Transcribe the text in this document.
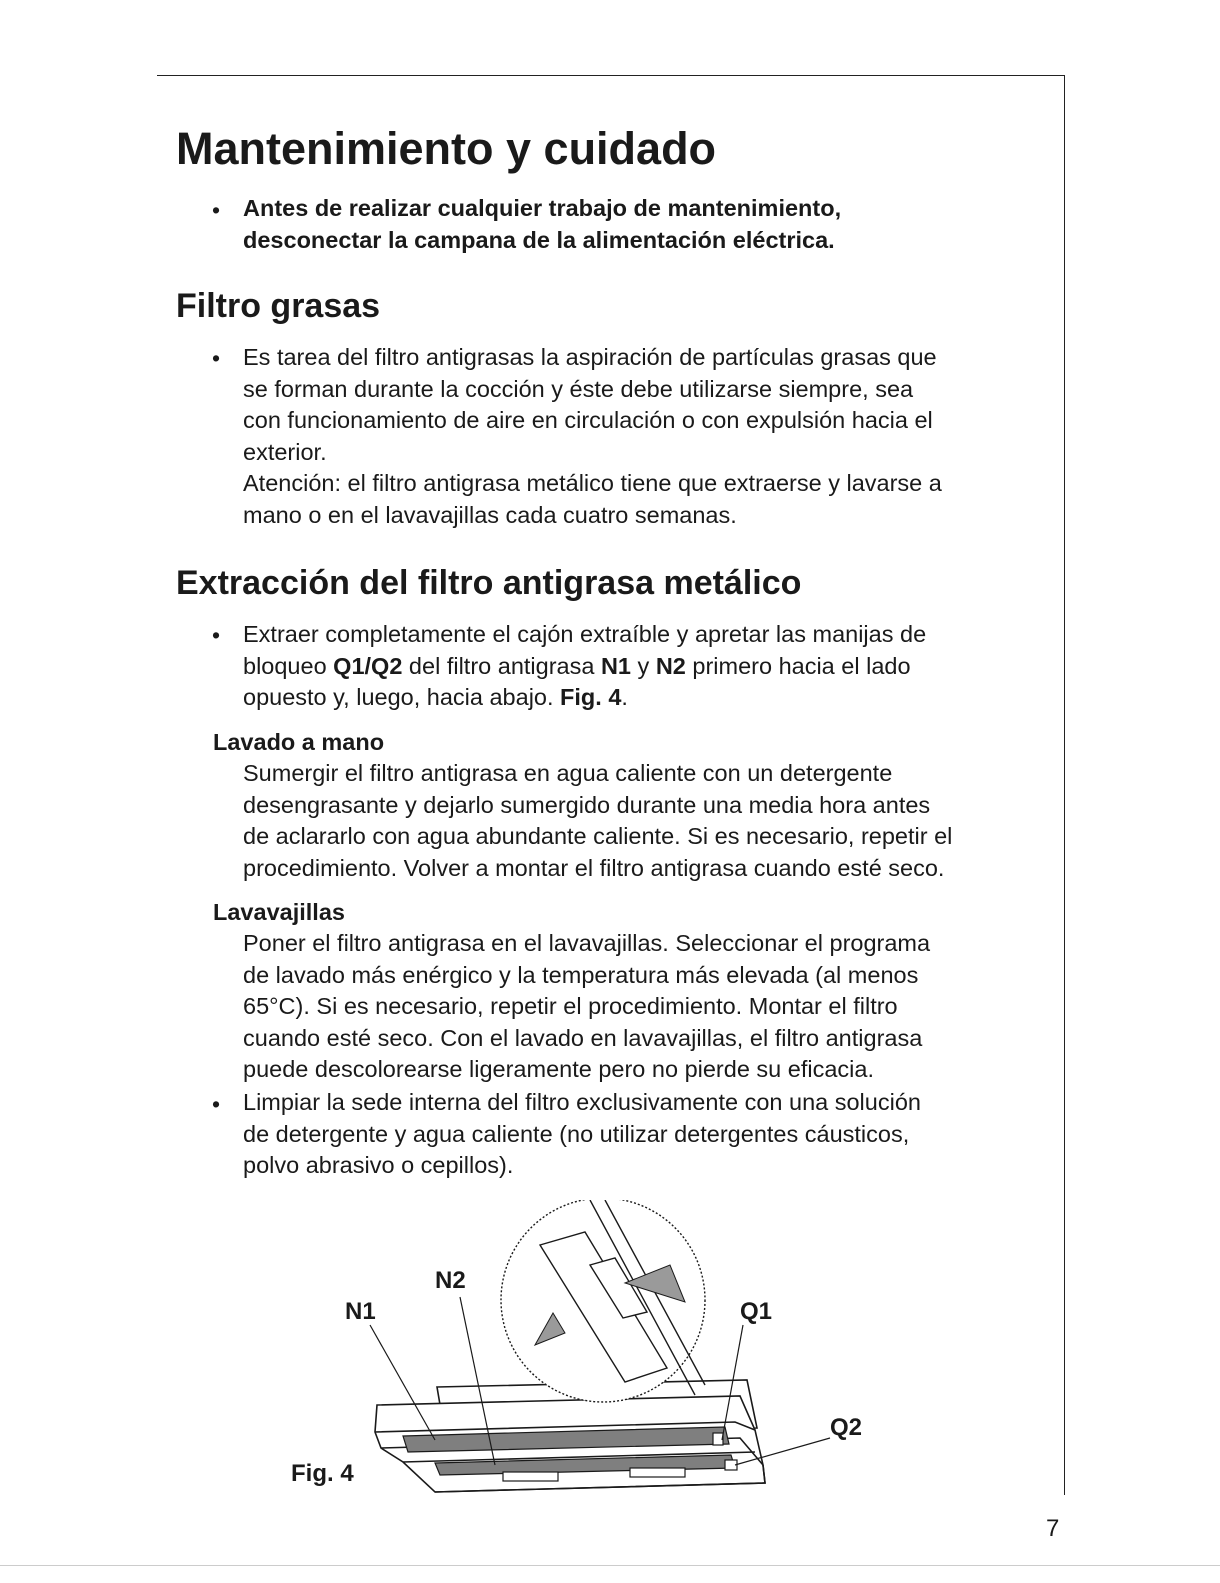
Mantenimiento y cuidado
• Antes de realizar cualquier trabajo de mantenimiento,
desconectar la campana de la alimentación eléctrica.
Filtro grasas
• Es tarea del filtro antigrasas la aspiración de partículas grasas que
se forman durante la cocción y éste debe utilizarse siempre, sea
con funcionamiento de aire en circulación o con expulsión hacia el
exterior.
Atención: el filtro antigrasa metálico tiene que extraerse y lavarse a
mano o en el lavavajillas cada cuatro semanas.
Extracción del filtro antigrasa metálico
• Extraer completamente el cajón extraíble y apretar las manijas de
bloqueo Q1/Q2 del filtro antigrasa N1 y N2 primero hacia el lado
opuesto y, luego, hacia abajo. Fig. 4.
Lavado a mano
Sumergir el filtro antigrasa en agua caliente con un detergente
desengrasante y dejarlo sumergido durante una media hora antes
de aclararlo con agua abundante caliente. Si es necesario, repetir el
procedimiento. Volver a montar el filtro antigrasa cuando esté seco.
Lavavajillas
Poner el filtro antigrasa en el lavavajillas. Seleccionar el programa
de lavado más enérgico y la temperatura más elevada (al menos
65°C). Si es necesario, repetir el procedimiento. Montar el filtro
cuando esté seco. Con el lavado en lavavajillas, el filtro antigrasa
puede descolorearse ligeramente pero no pierde su eficacia.
• Limpiar la sede interna del filtro exclusivamente con una solución
de detergente y agua caliente (no utilizar detergentes cáusticos,
polvo abrasivo o cepillos).
N2
N1	Q1
Q2
Fig. 4
7
